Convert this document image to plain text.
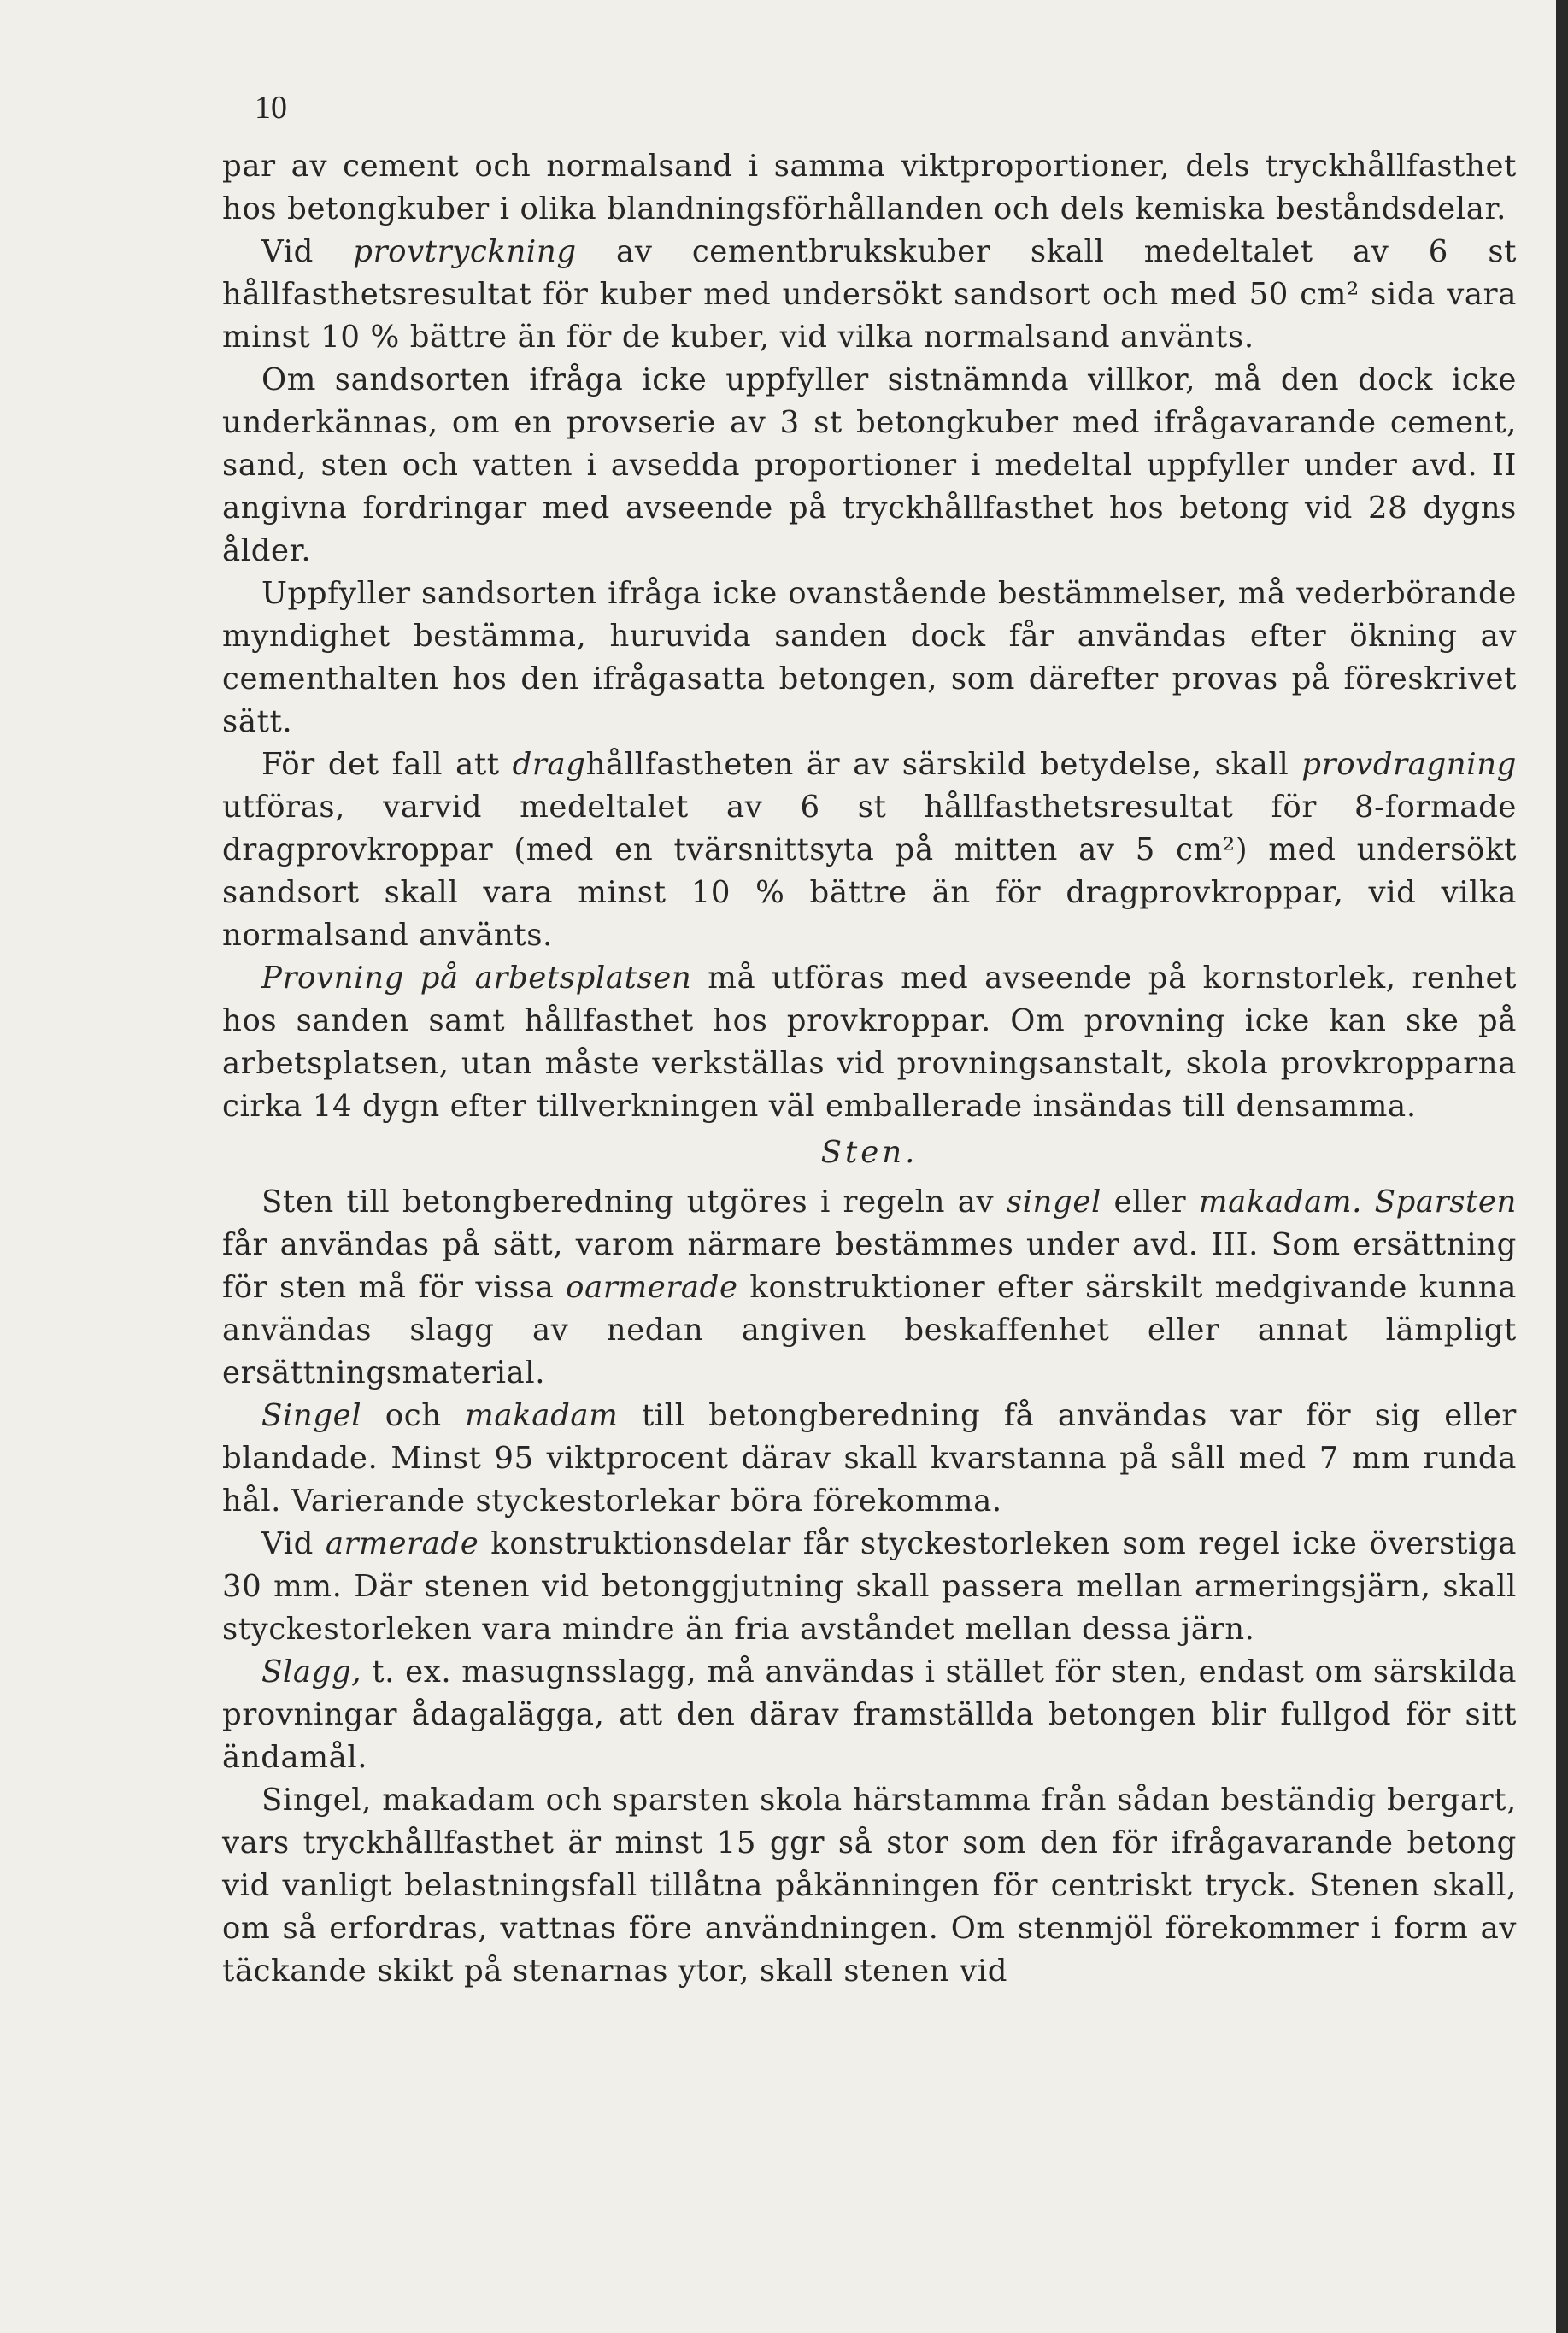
10

par av cement och normalsand i samma viktproportioner, dels tryckhållfasthet hos betongkuber i olika blandningsförhållanden och dels kemiska beståndsdelar.

Vid provtryckning av cementbrukskuber skall medeltalet av 6 st hållfasthetsresultat för kuber med undersökt sandsort och med 50 cm² sida vara minst 10 % bättre än för de kuber, vid vilka normalsand använts.

Om sandsorten ifråga icke uppfyller sistnämnda villkor, må den dock icke underkännas, om en provserie av 3 st betongkuber med ifrågavarande cement, sand, sten och vatten i avsedda proportioner i medeltal uppfyller under avd. II angivna fordringar med avseende på tryckhållfasthet hos betong vid 28 dygns ålder.

Uppfyller sandsorten ifråga icke ovanstående bestämmelser, må vederbörande myndighet bestämma, huruvida sanden dock får användas efter ökning av cementhalten hos den ifrågasatta betongen, som därefter provas på föreskrivet sätt.

För det fall att draghållfastheten är av särskild betydelse, skall provdragning utföras, varvid medeltalet av 6 st hållfasthetsresultat för 8-formade dragprovkroppar (med en tvärsnittsyta på mitten av 5 cm²) med undersökt sandsort skall vara minst 10 % bättre än för dragprovkroppar, vid vilka normalsand använts.

Provning på arbetsplatsen må utföras med avseende på kornstorlek, renhet hos sanden samt hållfasthet hos provkroppar. Om provning icke kan ske på arbetsplatsen, utan måste verkställas vid provningsanstalt, skola provkropparna cirka 14 dygn efter tillverkningen väl emballerade insändas till densamma.

Sten.

Sten till betongberedning utgöres i regeln av singel eller makadam. Sparsten får användas på sätt, varom närmare bestämmes under avd. III. Som ersättning för sten må för vissa oarmerade konstruktioner efter särskilt medgivande kunna användas slagg av nedan angiven beskaffenhet eller annat lämpligt ersättningsmaterial.

Singel och makadam till betongberedning få användas var för sig eller blandade. Minst 95 viktprocent därav skall kvarstanna på såll med 7 mm runda hål. Varierande styckestorlekar böra förekomma.

Vid armerade konstruktionsdelar får styckestorleken som regel icke överstiga 30 mm. Där stenen vid betonggjutning skall passera mellan armeringsjärn, skall styckestorleken vara mindre än fria avståndet mellan dessa järn.

Slagg, t. ex. masugnsslagg, må användas i stället för sten, endast om särskilda provningar ådagalägga, att den därav framställda betongen blir fullgod för sitt ändamål.

Singel, makadam och sparsten skola härstamma från sådan beständig bergart, vars tryckhållfasthet är minst 15 ggr så stor som den för ifrågavarande betong vid vanligt belastningsfall tillåtna påkänningen för centriskt tryck. Stenen skall, om så erfordras, vattnas före användningen. Om stenmjöl förekommer i form av täckande skikt på stenarnas ytor, skall stenen vid
